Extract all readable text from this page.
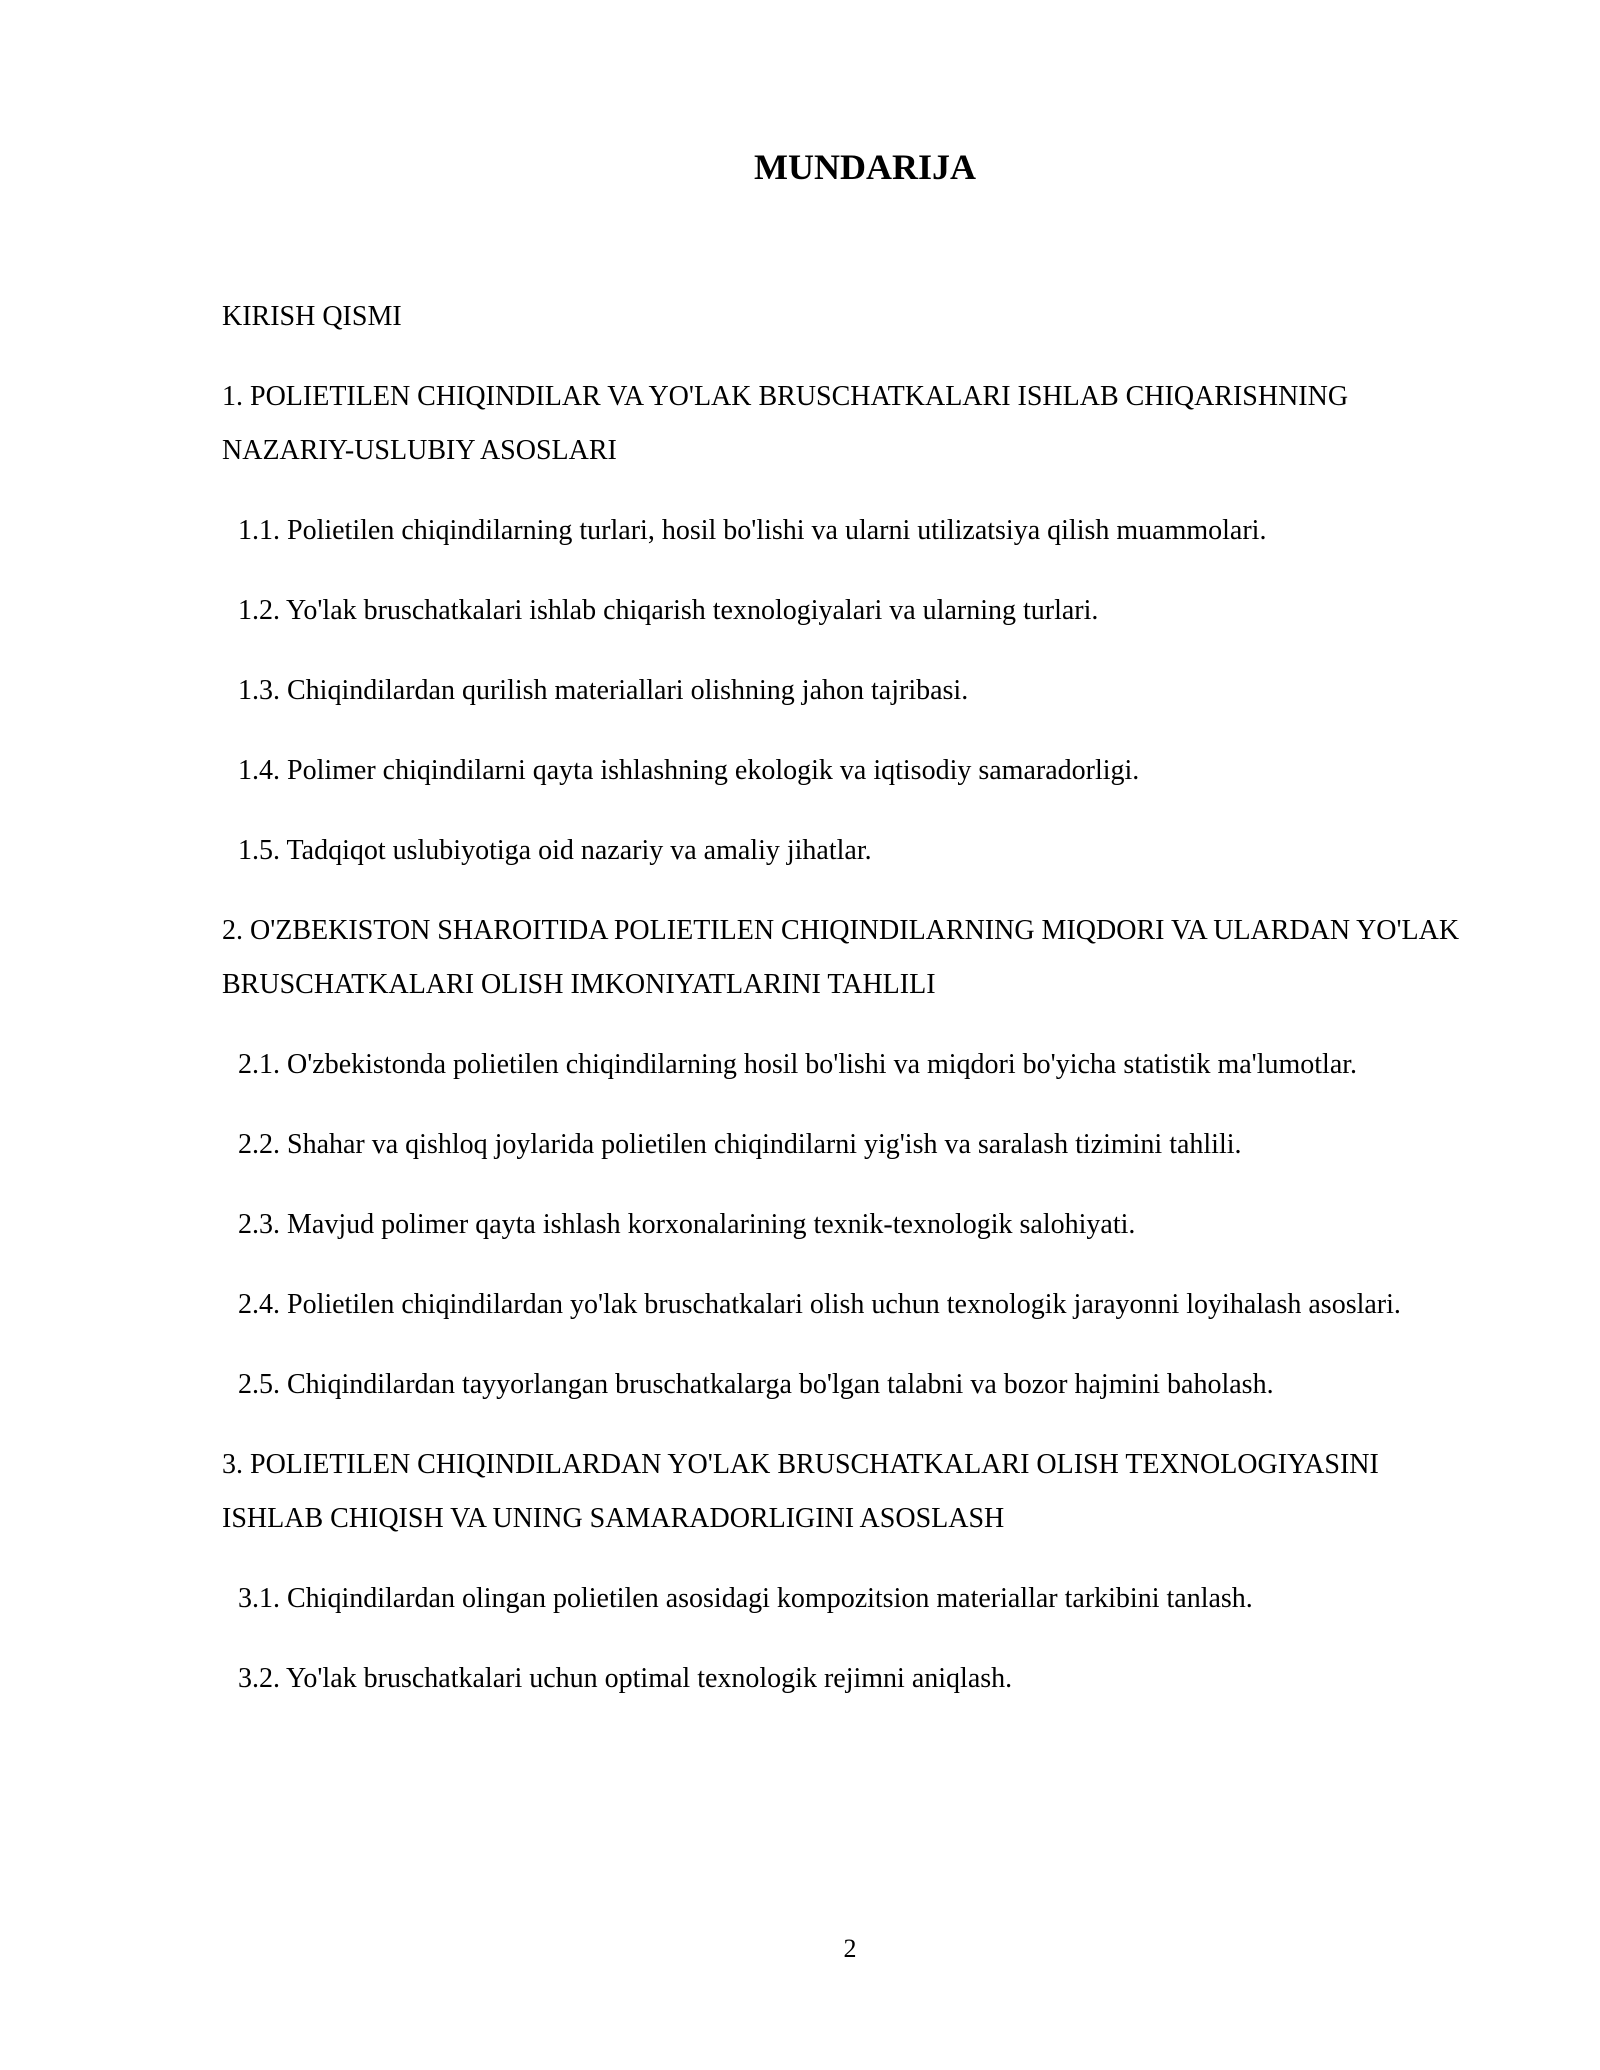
MUNDARIJA
KIRISH QISMI
1. POLIETILEN CHIQINDILAR VA YO'LAK BRUSCHATKALARI ISHLAB CHIQARISHNING NAZARIY-USLUBIY ASOSLARI
1.1. Polietilen chiqindilarning turlari, hosil bo'lishi va ularni utilizatsiya qilish muammolari.
1.2. Yo'lak bruschatkalari ishlab chiqarish texnologiyalari va ularning turlari.
1.3. Chiqindilardan qurilish materiallari olishning jahon tajribasi.
1.4. Polimer chiqindilarni qayta ishlashning ekologik va iqtisodiy samaradorligi.
1.5. Tadqiqot uslubiyotiga oid nazariy va amaliy jihatlar.
2. O'ZBEKISTON SHAROITIDA POLIETILEN CHIQINDILARNING MIQDORI VA ULARDAN YO'LAK BRUSCHATKALARI OLISH IMKONIYATLARINI TAHLILI
2.1. O'zbekistonda polietilen chiqindilarning hosil bo'lishi va miqdori bo'yicha statistik ma'lumotlar.
2.2. Shahar va qishloq joylarida polietilen chiqindilarni yig'ish va saralash tizimini tahlili.
2.3. Mavjud polimer qayta ishlash korxonalarining texnik-texnologik salohiyati.
2.4. Polietilen chiqindilardan yo'lak bruschatkalari olish uchun texnologik jarayonni loyihalash asoslari.
2.5. Chiqindilardan tayyorlangan bruschatkalarga bo'lgan talabni va bozor hajmini baholash.
3. POLIETILEN CHIQINDILARDAN YO'LAK BRUSCHATKALARI OLISH TEXNOLOGIYASINI ISHLAB CHIQISH VA UNING SAMARADORLIGINI ASOSLASH
3.1. Chiqindilardan olingan polietilen asosidagi kompozitsion materiallar tarkibini tanlash.
3.2. Yo'lak bruschatkalari uchun optimal texnologik rejimni aniqlash.
2
